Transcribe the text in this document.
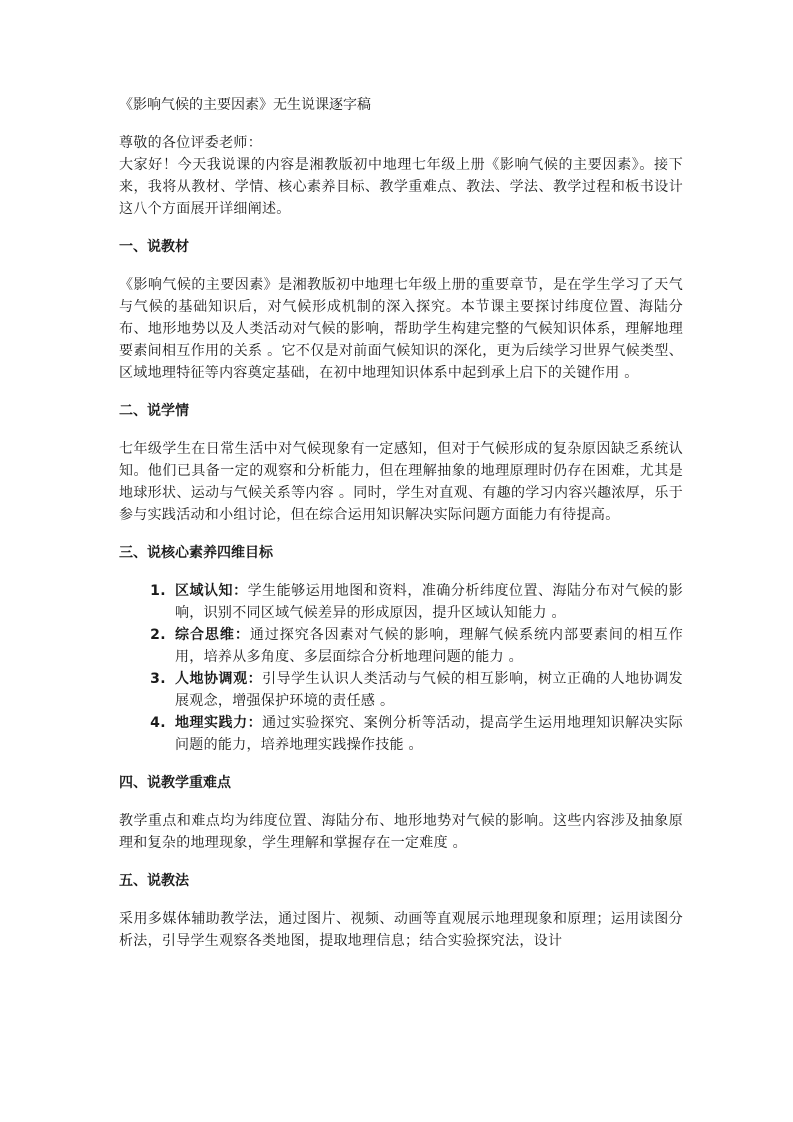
《影响气候的主要因素》无生说课逐字稿

尊敬的各位评委老师：

大家好！今天我说课的内容是湘教版初中地理七年级上册《影响气候的主要因素》。接下来，我将从教材、学情、核心素养目标、教学重难点、教法、学法、教学过程和板书设计这八个方面展开详细阐述。

一、说教材

《影响气候的主要因素》是湘教版初中地理七年级上册的重要章节，是在学生学习了天气与气候的基础知识后，对气候形成机制的深入探究。本节课主要探讨纬度位置、海陆分布、地形地势以及人类活动对气候的影响，帮助学生构建完整的气候知识体系，理解地理要素间相互作用的关系 。它不仅是对前面气候知识的深化，更为后续学习世界气候类型、区域地理特征等内容奠定基础，在初中地理知识体系中起到承上启下的关键作用 。

二、说学情

七年级学生在日常生活中对气候现象有一定感知，但对于气候形成的复杂原因缺乏系统认知。他们已具备一定的观察和分析能力，但在理解抽象的地理原理时仍存在困难，尤其是地球形状、运动与气候关系等内容 。同时，学生对直观、有趣的学习内容兴趣浓厚，乐于参与实践活动和小组讨论，但在综合运用知识解决实际问题方面能力有待提高。

三、说核心素养四维目标

1. 区域认知：学生能够运用地图和资料，准确分析纬度位置、海陆分布对气候的影响，识别不同区域气候差异的形成原因，提升区域认知能力 。
2. 综合思维：通过探究各因素对气候的影响，理解气候系统内部要素间的相互作用，培养从多角度、多层面综合分析地理问题的能力 。
3. 人地协调观：引导学生认识人类活动与气候的相互影响，树立正确的人地协调发展观念，增强保护环境的责任感 。
4. 地理实践力：通过实验探究、案例分析等活动，提高学生运用地理知识解决实际问题的能力，培养地理实践操作技能 。

四、说教学重难点

教学重点和难点均为纬度位置、海陆分布、地形地势对气候的影响。这些内容涉及抽象原理和复杂的地理现象，学生理解和掌握存在一定难度 。

五、说教法

采用多媒体辅助教学法，通过图片、视频、动画等直观展示地理现象和原理；运用读图分析法，引导学生观察各类地图，提取地理信息；结合实验探究法，设计
